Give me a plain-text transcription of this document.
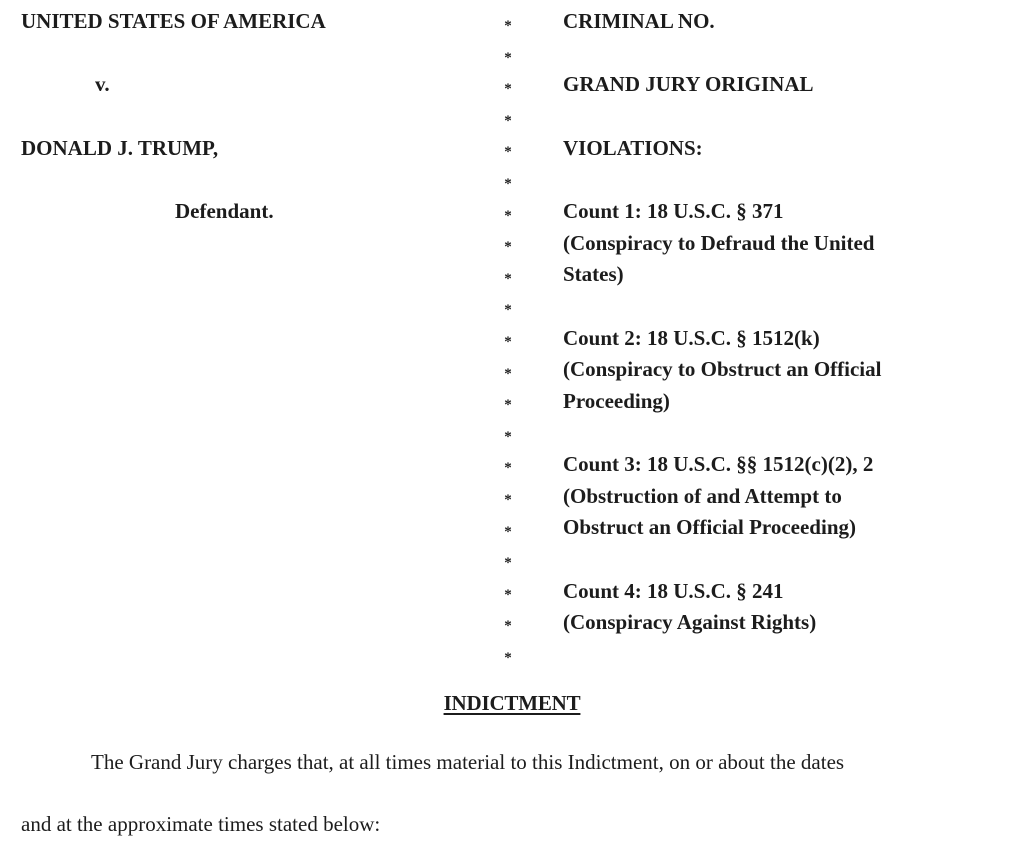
UNITED STATES OF AMERICA
v.
DONALD J. TRUMP,
Defendant.
*
*
*
*
*
*
*
*
*
*
*
*
*
*
*
*
*
*
*
*
*
CRIMINAL NO.
GRAND JURY ORIGINAL
VIOLATIONS:
Count 1: 18 U.S.C. § 371
(Conspiracy to Defraud the United
States)
Count 2: 18 U.S.C. § 1512(k)
(Conspiracy to Obstruct an Official
Proceeding)
Count 3: 18 U.S.C. §§ 1512(c)(2), 2
(Obstruction of and Attempt to
Obstruct an Official Proceeding)
Count 4: 18 U.S.C. § 241
(Conspiracy Against Rights)
INDICTMENT
The Grand Jury charges that, at all times material to this Indictment, on or about the dates
and at the approximate times stated below:
